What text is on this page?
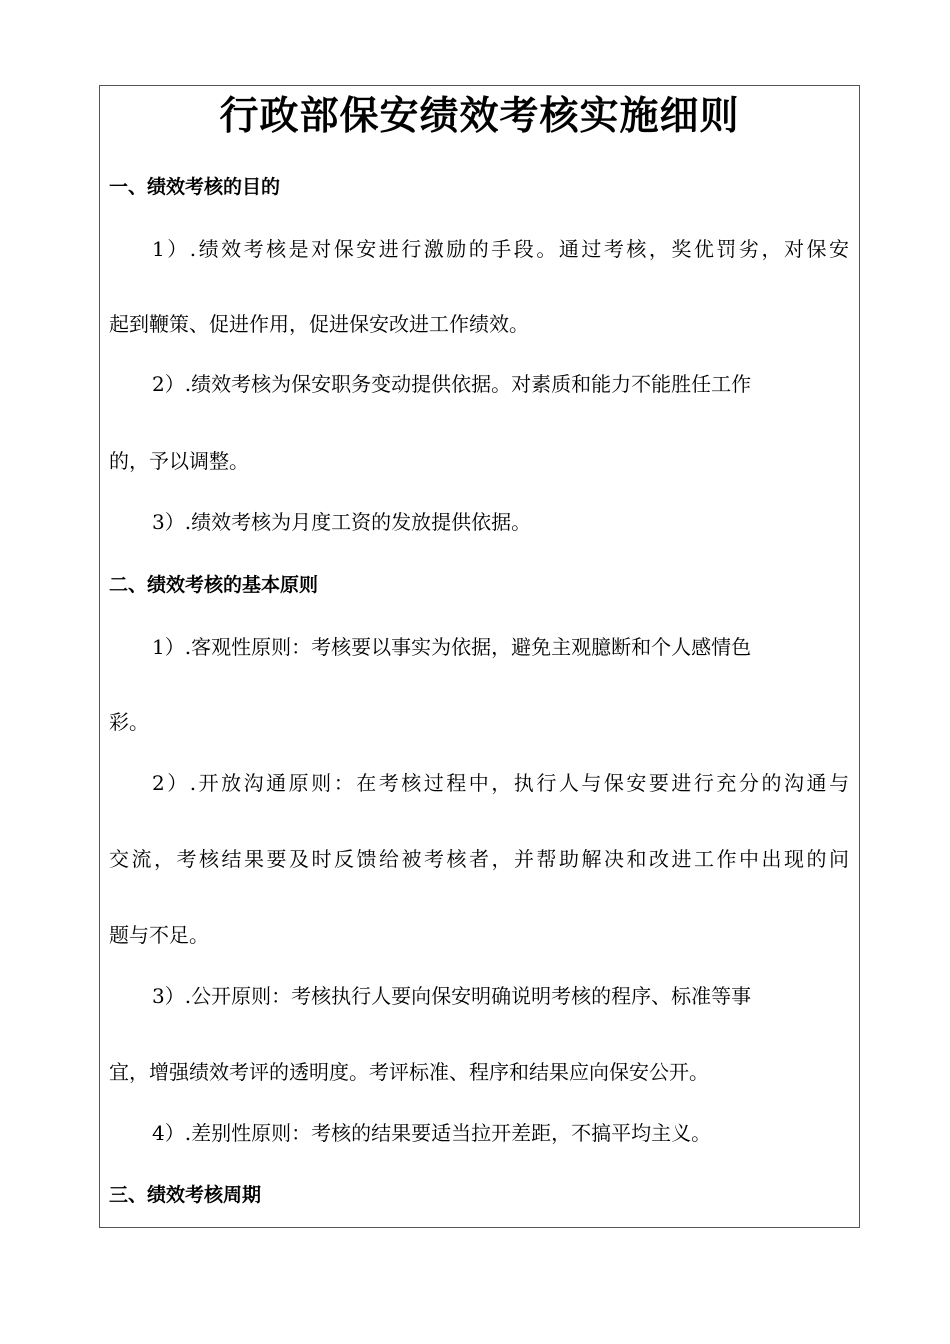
行政部保安绩效考核实施细则
一、绩效考核的目的
1）.绩效考核是对保安进行激励的手段。通过考核，奖优罚劣，对保安
起到鞭策、促进作用，促进保安改进工作绩效。
2）.绩效考核为保安职务变动提供依据。对素质和能力不能胜任工作
的，予以调整。
3）.绩效考核为月度工资的发放提供依据。
二、绩效考核的基本原则
1）.客观性原则：考核要以事实为依据，避免主观臆断和个人感情色
彩。
2）.开放沟通原则：在考核过程中，执行人与保安要进行充分的沟通与
交流，考核结果要及时反馈给被考核者，并帮助解决和改进工作中出现的问
题与不足。
3）.公开原则：考核执行人要向保安明确说明考核的程序、标准等事
宜，增强绩效考评的透明度。考评标准、程序和结果应向保安公开。
4）.差别性原则：考核的结果要适当拉开差距，不搞平均主义。
三、绩效考核周期
